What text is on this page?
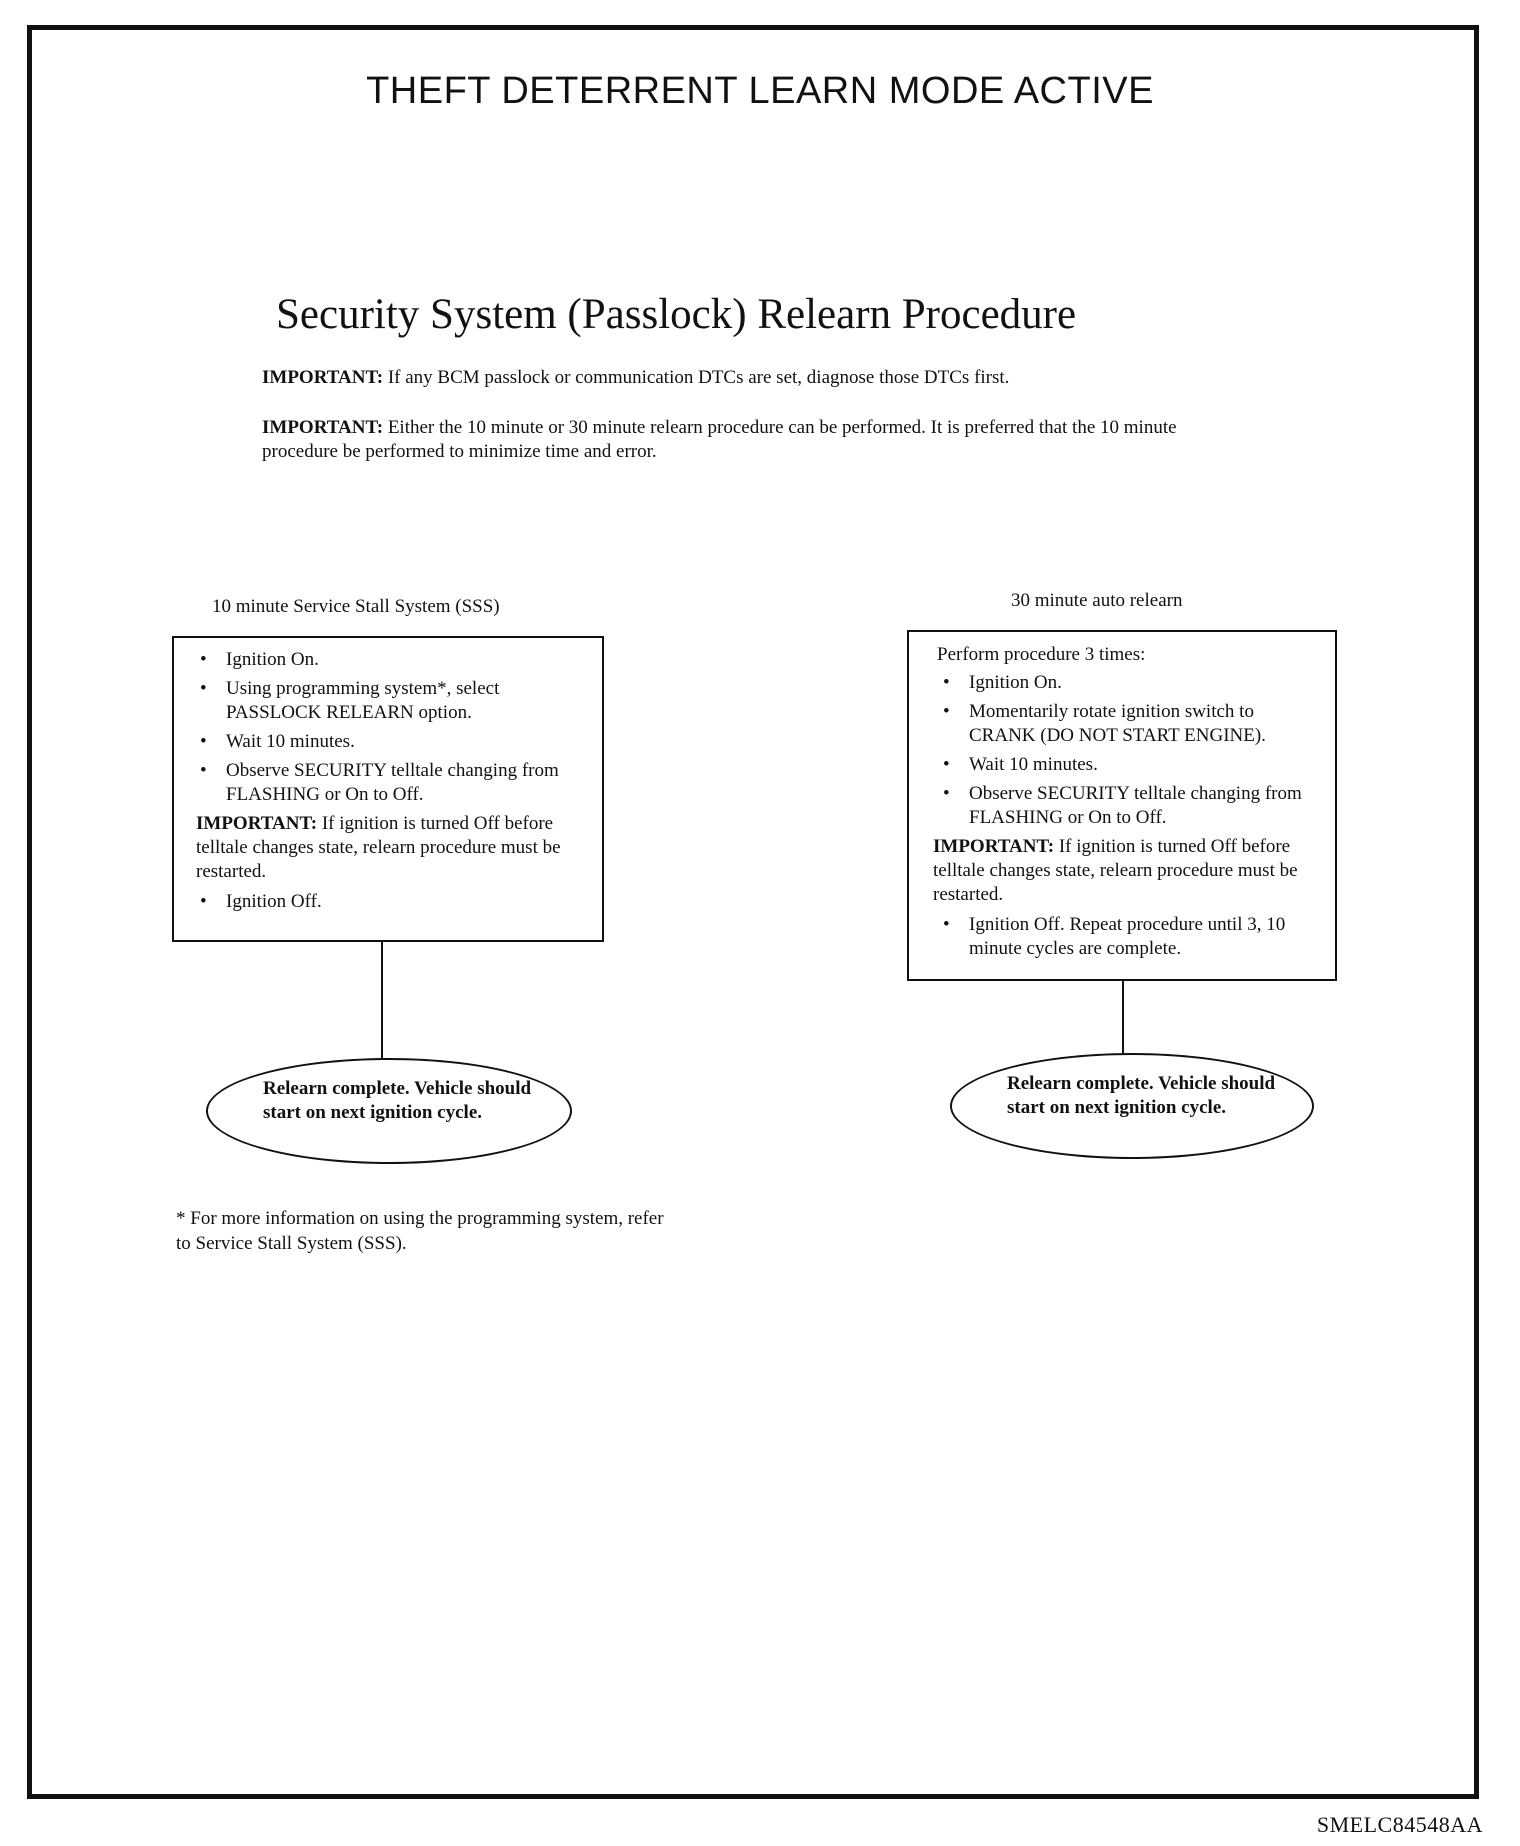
THEFT DETERRENT LEARN MODE ACTIVE
Security System (Passlock) Relearn Procedure
IMPORTANT: If any BCM passlock or communication DTCs are set, diagnose those DTCs first.
IMPORTANT: Either the 10 minute or 30 minute relearn procedure can be performed. It is preferred that the 10 minute procedure be performed to minimize time and error.
10 minute Service Stall System (SSS)
• Ignition On.
• Using programming system*, select PASSLOCK RELEARN option.
• Wait 10 minutes.
• Observe SECURITY telltale changing from FLASHING or On to Off.
IMPORTANT: If ignition is turned Off before telltale changes state, relearn procedure must be restarted.
• Ignition Off.
Relearn complete. Vehicle should start on next ignition cycle.
30 minute auto relearn
Perform procedure 3 times:
• Ignition On.
• Momentarily rotate ignition switch to CRANK (DO NOT START ENGINE).
• Wait 10 minutes.
• Observe SECURITY telltale changing from FLASHING or On to Off.
IMPORTANT: If ignition is turned Off before telltale changes state, relearn procedure must be restarted.
• Ignition Off. Repeat procedure until 3, 10 minute cycles are complete.
Relearn complete. Vehicle should start on next ignition cycle.
* For more information on using the programming system, refer to Service Stall System (SSS).
SMELC84548AA
